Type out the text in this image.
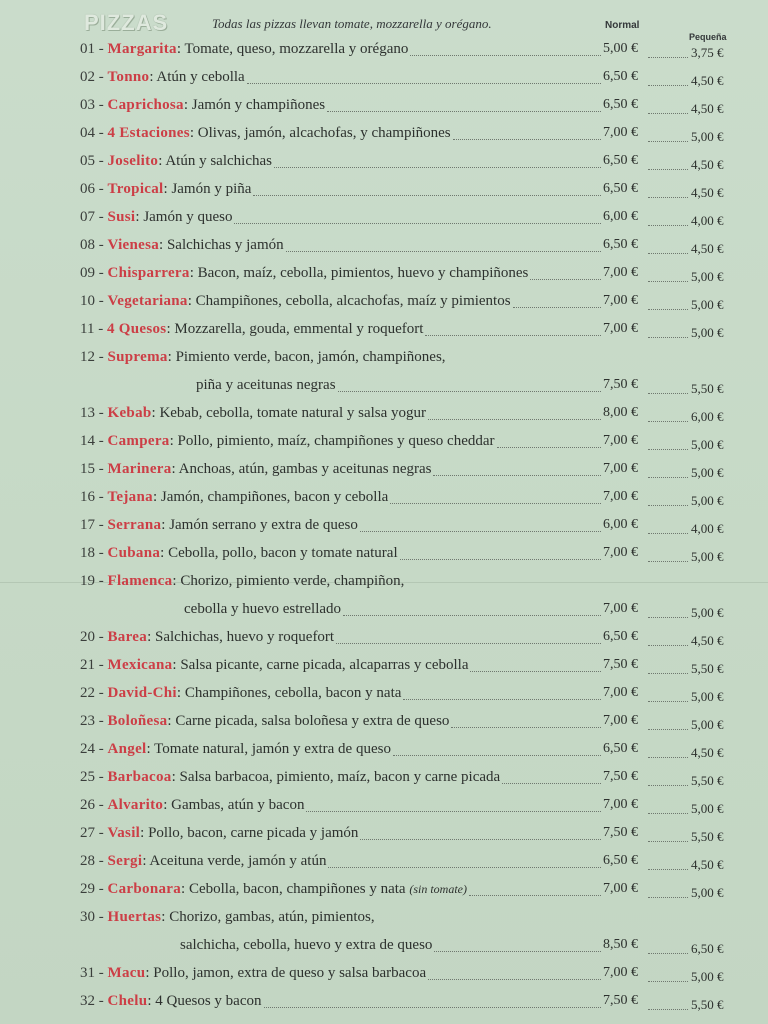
PIZZAS	Todas las pizzas llevan tomate, mozzarella y orégano.	Normal
Pequeña
01 - Margarita: Tomate, queso, mozzarella y orégano	5,00 €	3,75 €
02 - Tonno: Atún y cebolla	6,50 €	4,50 €
03 - Caprichosa: Jamón y champiñones	6,50 €	4,50 €
04 - 4 Estaciones: Olivas, jamón, alcachofas, y champiñones	7,00 €	5,00 €
05 - Joselito: Atún y salchichas	6,50 €	4,50 €
06 - Tropical: Jamón y piña	6,50 €	4,50 €
07 - Susi: Jamón y queso	6,00 €	4,00 €
08 - Vienesa: Salchichas y jamón	6,50 €	4,50 €
09 - Chisparrera: Bacon, maíz, cebolla, pimientos, huevo y champiñones	7,00 €	5,00 €
10 - Vegetariana: Champiñones, cebolla, alcachofas, maíz y pimientos	7,00 €	5,00 €
11 - 4 Quesos: Mozzarella, gouda, emmental y roquefort	7,00 €	5,00 €
12 - Suprema: Pimiento verde, bacon, jamón, champiñones,
piña y aceitunas negras	7,50 €	5,50 €
13 - Kebab: Kebab, cebolla, tomate natural y salsa yogur	8,00 €	6,00 €
14 - Campera: Pollo, pimiento, maíz, champiñones y queso cheddar	7,00 €	5,00 €
15 - Marinera: Anchoas, atún, gambas y aceitunas negras	7,00 €	5,00 €
16 - Tejana: Jamón, champiñones, bacon y cebolla	7,00 €	5,00 €
17 - Serrana: Jamón serrano y extra de queso	6,00 €	4,00 €
18 - Cubana: Cebolla, pollo, bacon y tomate natural	7,00 €	5,00 €
19 - Flamenca: Chorizo, pimiento verde, champiñon,
cebolla y huevo estrellado	7,00 €	5,00 €
20 - Barea: Salchichas, huevo y roquefort	6,50 €	4,50 €
21 - Mexicana: Salsa picante, carne picada, alcaparras y cebolla	7,50 €	5,50 €
22 - David-Chi: Champiñones, cebolla, bacon y nata	7,00 €	5,00 €
23 - Boloñesa: Carne picada, salsa boloñesa y extra de queso	7,00 €	5,00 €
24 - Angel: Tomate natural, jamón y extra de queso	6,50 €	4,50 €
25 - Barbacoa: Salsa barbacoa, pimiento, maíz, bacon y carne picada	7,50 €	5,50 €
26 - Alvarito: Gambas, atún y bacon	7,00 €	5,00 €
27 - Vasil: Pollo, bacon, carne picada y jamón	7,50 €	5,50 €
28 - Sergi: Aceituna verde, jamón y atún	6,50 €	4,50 €
29 - Carbonara: Cebolla, bacon, champiñones y nata (sin tomate)	7,00 €	5,00 €
30 - Huertas: Chorizo, gambas, atún, pimientos,
salchicha, cebolla, huevo y extra de queso	8,50 €	6,50 €
31 - Macu: Pollo, jamon, extra de queso y salsa barbacoa	7,00 €	5,00 €
32 - Chelu: 4 Quesos y bacon	7,50 €	5,50 €
